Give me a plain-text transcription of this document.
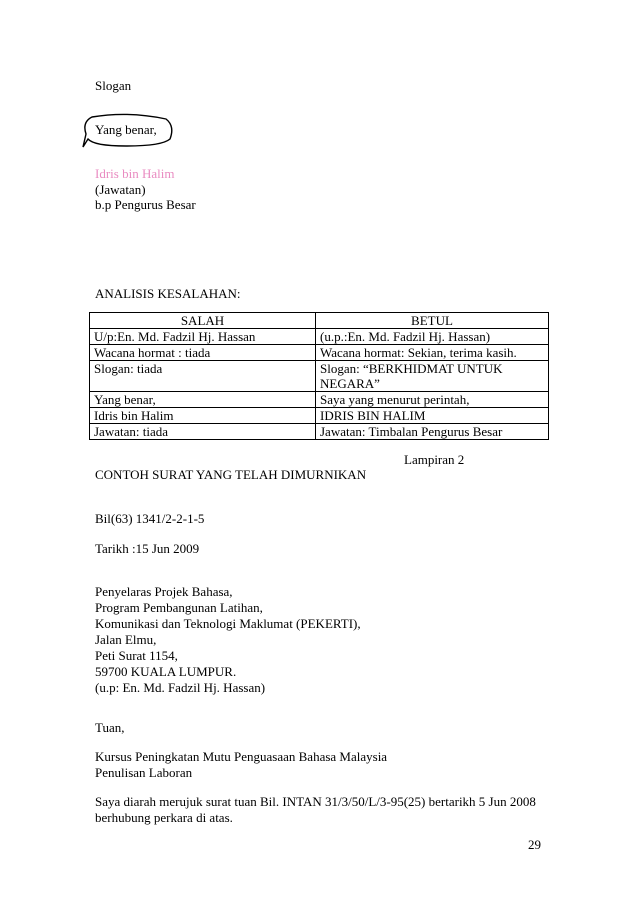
Slogan
Yang benar,
Idris bin Halim
(Jawatan)
b.p Pengurus Besar
ANALISIS KESALAHAN:
SALAH	BETUL
U/p:En. Md. Fadzil Hj. Hassan	(u.p.:En. Md. Fadzil Hj. Hassan)
Wacana hormat : tiada	Wacana hormat: Sekian, terima kasih.
Slogan: tiada	Slogan: “BERKHIDMAT UNTUK NEGARA”
Yang benar,	Saya yang menurut perintah,
Idris bin Halim	IDRIS BIN HALIM
Jawatan: tiada	Jawatan: Timbalan Pengurus Besar
Lampiran 2
CONTOH SURAT YANG TELAH DIMURNIKAN
Bil(63) 1341/2-2-1-5
Tarikh :15 Jun 2009
Penyelaras Projek Bahasa,
Program Pembangunan Latihan,
Komunikasi dan Teknologi Maklumat (PEKERTI),
Jalan Elmu,
Peti Surat 1154,
59700 KUALA LUMPUR.
(u.p: En. Md. Fadzil Hj. Hassan)
Tuan,
Kursus Peningkatan Mutu Penguasaan Bahasa Malaysia
Penulisan Laboran
Saya diarah merujuk surat tuan Bil. INTAN 31/3/50/L/3-95(25) bertarikh 5 Jun 2008
berhubung perkara di atas.
29
